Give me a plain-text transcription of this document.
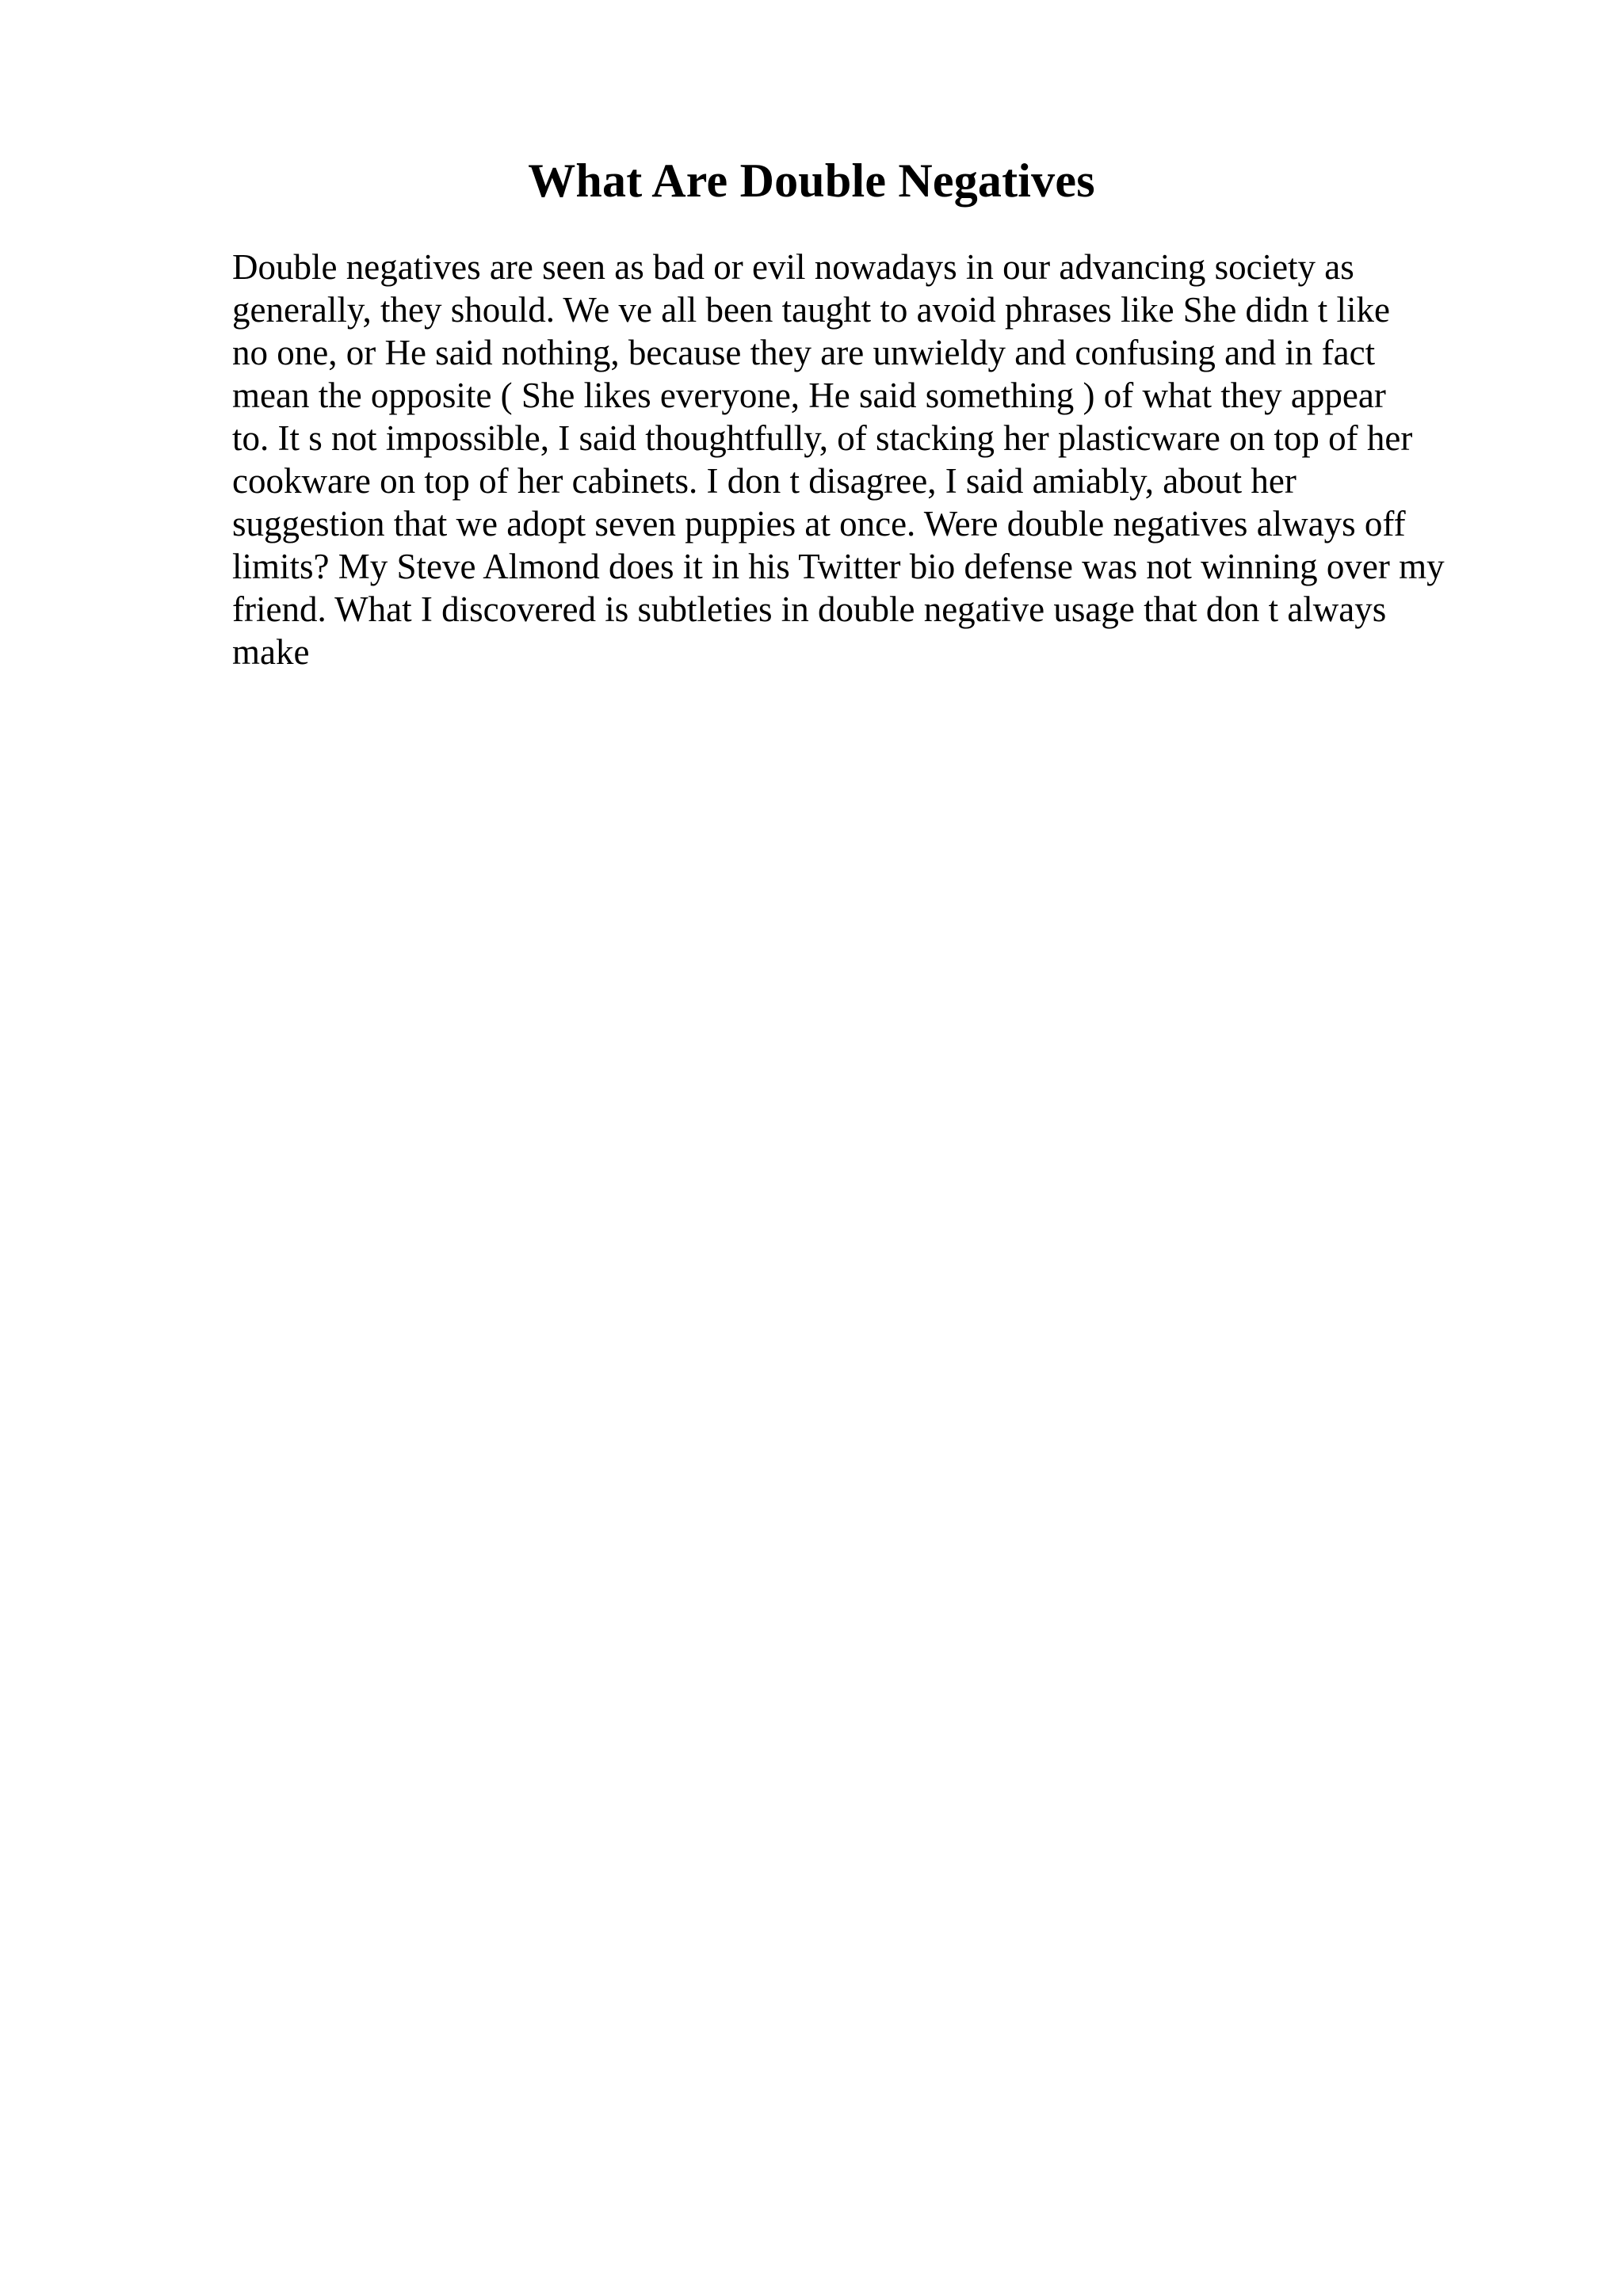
What Are Double Negatives
Double negatives are seen as bad or evil nowadays in our advancing society as
generally, they should. We ve all been taught to avoid phrases like She didn t like
no one, or He said nothing, because they are unwieldy and confusing and in fact
mean the opposite ( She likes everyone, He said something ) of what they appear
to. It s not impossible, I said thoughtfully, of stacking her plasticware on top of her
cookware on top of her cabinets. I don t disagree, I said amiably, about her
suggestion that we adopt seven puppies at once. Were double negatives always off
limits? My Steve Almond does it in his Twitter bio defense was not winning over my
friend. What I discovered is subtleties in double negative usage that don t always
make
